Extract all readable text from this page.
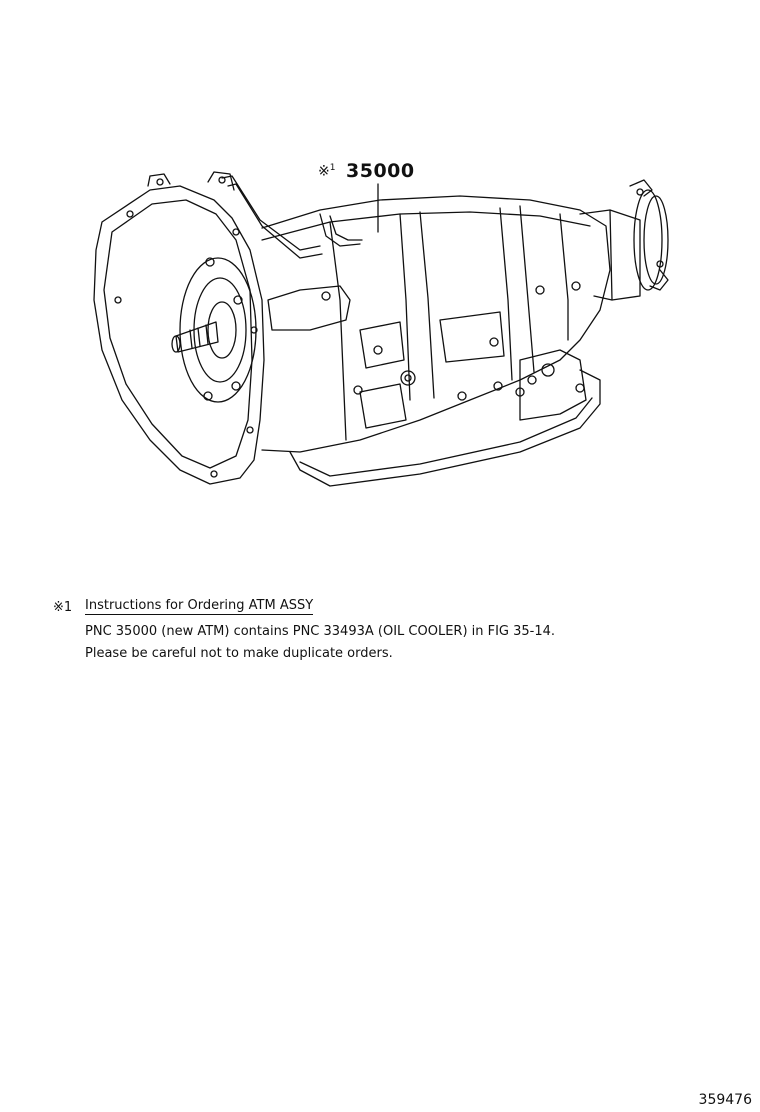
※$^1$ 35000
※1 Instructions for Ordering ATM ASSY
PNC 35000 (new ATM) contains PNC 33493A (OIL COOLER) in FIG 35-14.
Please be careful not to make duplicate orders.
359476
